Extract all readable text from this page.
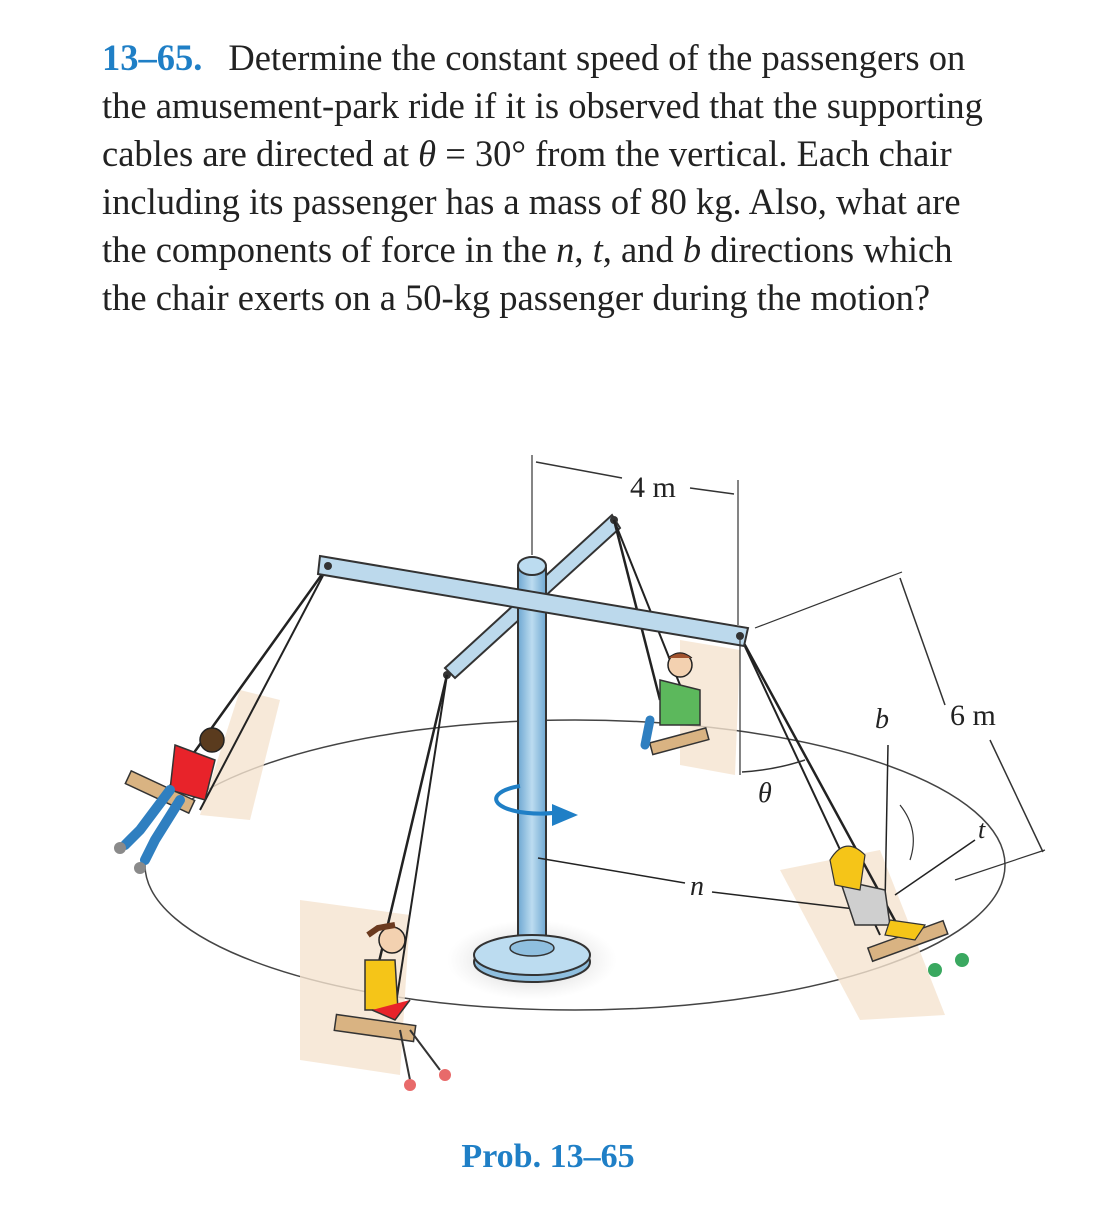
13–65. Determine the constant speed of the passengers on
the amusement-park ride if it is observed that the supporting
cables are directed at θ = 30° from the vertical. Each chair
including its passenger has a mass of 80 kg. Also, what are
the components of force in the n, t, and b directions which
the chair exerts on a 50-kg passenger during the motion?
4 m
θ
6 m
b
t
n
Prob. 13–65
